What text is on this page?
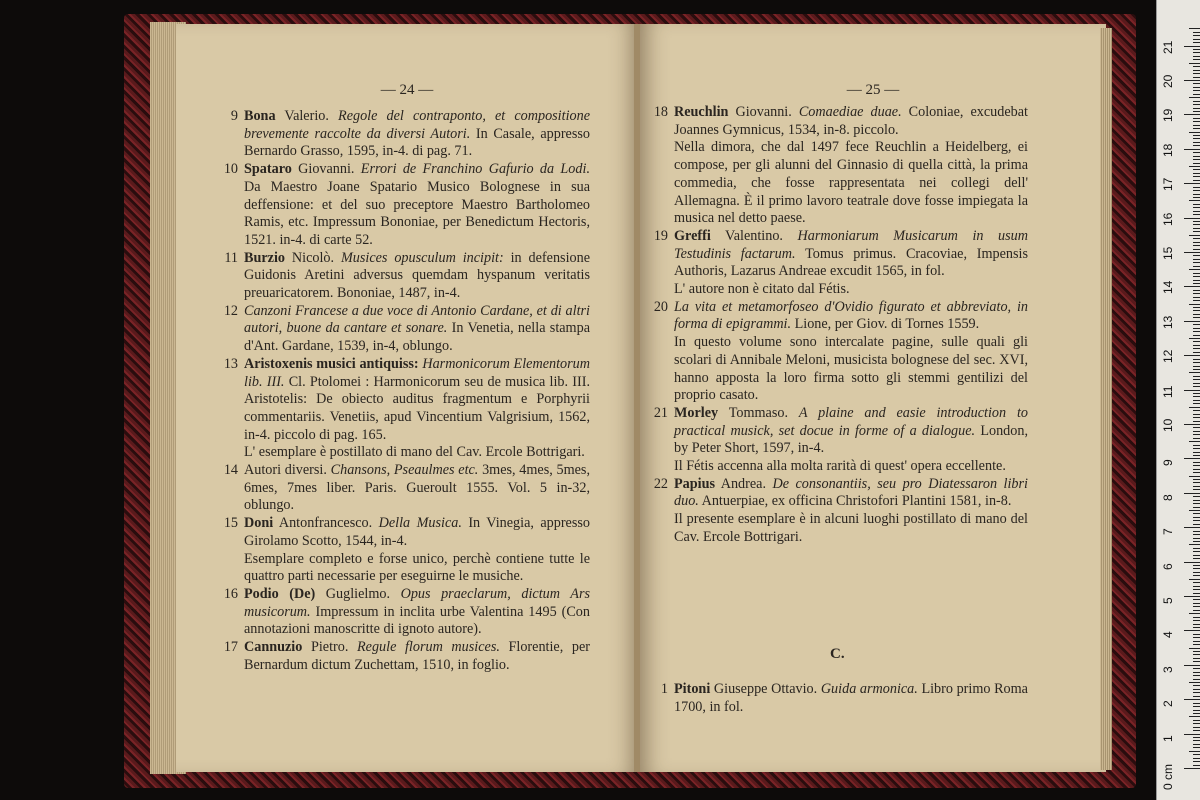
— 24 —
9 Bona Valerio. Regole del contraponto, et compositione brevemente raccolte da diversi Autori. In Casale, appresso Bernardo Grasso, 1595, in-4. di pag. 71.

10 Spataro Giovanni. Errori de Franchino Gafurio da Lodi. Da Maestro Joane Spatario Musico Bolognese in sua deffensione: et del suo preceptore Maestro Bartholomeo Ramis, etc. Impressum Bononiae, per Benedictum Hectoris, 1521. in-4. di carte 52.

11 Burzio Nicolò. Musices opusculum incipit: in defensione Guidonis Aretini adversus quemdam hyspanum veritatis preuaricatorem. Bononiae, 1487, in-4.

12 Canzoni Francese a due voce di Antonio Cardane, et di altri autori, buone da cantare et sonare. In Venetia, nella stampa d'Ant. Gardane, 1539, in-4, oblungo.

13 Aristoxenis musici antiquiss: Harmonicorum Elementorum lib. III. Cl. Ptolomei : Harmonicorum seu de musica lib. III. Aristotelis: De obiecto auditus fragmentum e Porphyrii commentariis. Venetiis, apud Vincentium Valgrisium, 1562, in-4. piccolo di pag. 165.

L' esemplare è postillato di mano del Cav. Ercole Bottrigari.

14 Autori diversi. Chansons, Pseaulmes etc. 3mes, 4mes, 5mes, 6mes, 7mes liber. Paris. Gueroult 1555. Vol. 5 in-32, oblungo.

15 Doni Antonfrancesco. Della Musica. In Vinegia, appresso Girolamo Scotto, 1544, in-4.

Esemplare completo e forse unico, perchè contiene tutte le quattro parti necessarie per eseguirne le musiche.

16 Podio (De) Guglielmo. Opus praeclarum, dictum Ars musicorum. Impressum in inclita urbe Valentina 1495 (Con annotazioni manoscritte di ignoto autore).

17 Cannuzio Pietro. Regule florum musices. Florentie, per Bernardum dictum Zuchettam, 1510, in foglio.

— 25 —
18 Reuchlin Giovanni. Comaediae duae. Coloniae, excudebat Joannes Gymnicus, 1534, in-8. piccolo.

Nella dimora, che dal 1497 fece Reuchlin a Heidelberg, ei compose, per gli alunni del Ginnasio di quella città, la prima commedia, che fosse rappresentata nei collegi dell' Allemagna. È il primo lavoro teatrale dove fosse impiegata la musica nel detto paese.

19 Greffi Valentino. Harmoniarum Musicarum in usum Testudinis factarum. Tomus primus. Cracoviae, Impensis Authoris, Lazarus Andreae excudit 1565, in fol.

L' autore non è citato dal Fétis.

20 La vita et metamorfoseo d'Ovidio figurato et abbreviato, in forma di epigrammi. Lione, per Giov. di Tornes 1559.

In questo volume sono intercalate pagine, sulle quali gli scolari di Annibale Meloni, musicista bolognese del sec. XVI, hanno apposta la loro firma sotto gli stemmi gentilizi del proprio casato.

21 Morley Tommaso. A plaine and easie introduction to practical musick, set docue in forme of a dialogue. London, by Peter Short, 1597, in-4.

Il Fétis accenna alla molta rarità di quest' opera eccellente.

22 Papius Andrea. De consonantiis, seu pro Diatessaron libri duo. Antuerpiae, ex officina Christofori Plantini 1581, in-8.

Il presente esemplare è in alcuni luoghi postillato di mano del Cav. Ercole Bottrigari.

C.
1 Pitoni Giuseppe Ottavio. Guida armonica. Libro primo Roma 1700, in fol.
0 cm
1
2
3
4
5
6
7
8
9
10
11
12
13
14
15
16
17
18
19
20
21
